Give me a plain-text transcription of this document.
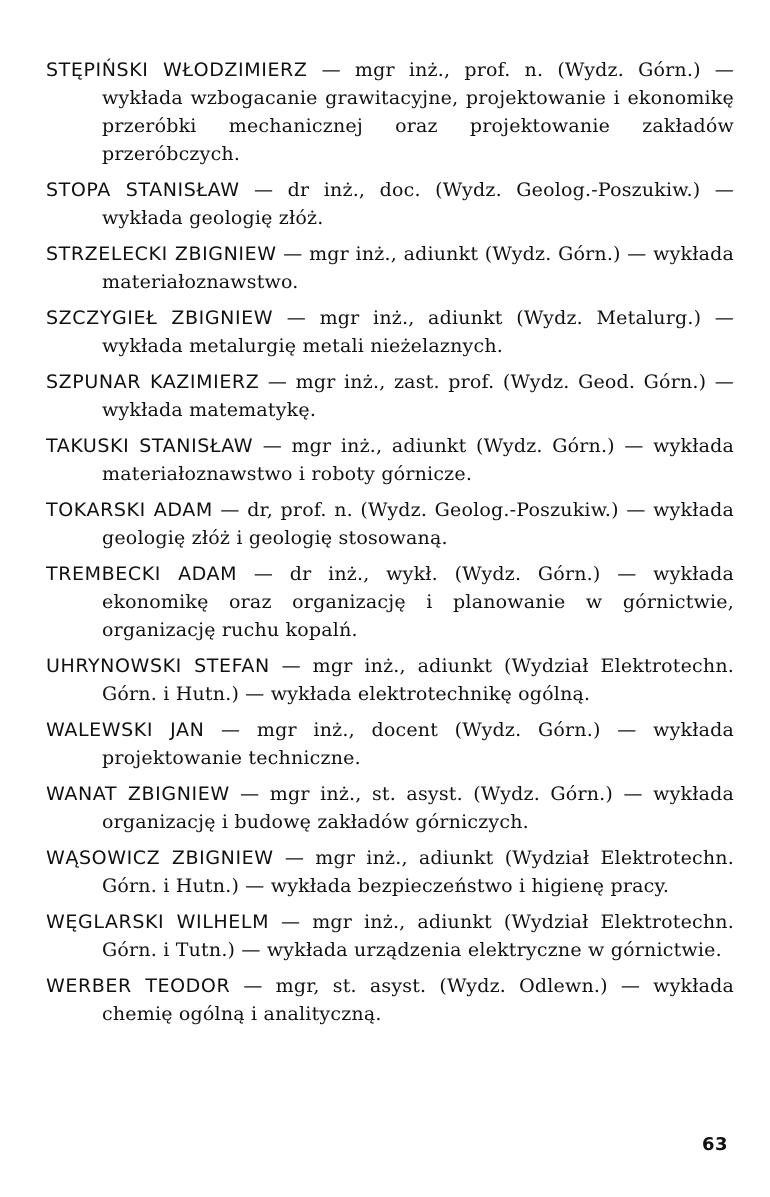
STĘPIŃSKI WŁODZIMIERZ — mgr inż., prof. n. (Wydz. Górn.) — wykłada wzbogacanie grawitacyjne, projektowanie i ekonomikę przeróbki mechanicznej oraz projektowanie zakładów przeróbczych.
STOPA STANISŁAW — dr inż., doc. (Wydz. Geolog.-Poszukiw.) — wykłada geologię złóż.
STRZELECKI ZBIGNIEW — mgr inż., adiunkt (Wydz. Górn.) — wykłada materiałoznawstwo.
SZCZYGIEŁ ZBIGNIEW — mgr inż., adiunkt (Wydz. Metalurg.) — wykłada metalurgię metali nieżelaznych.
SZPUNAR KAZIMIERZ — mgr inż., zast. prof. (Wydz. Geod. Górn.) — wykłada matematykę.
TAKUSKI STANISŁAW — mgr inż., adiunkt (Wydz. Górn.) — wykłada materiałoznawstwo i roboty górnicze.
TOKARSKI ADAM — dr, prof. n. (Wydz. Geolog.-Poszukiw.) — wykłada geologię złóż i geologię stosowaną.
TREMBECKI ADAM — dr inż., wykł. (Wydz. Górn.) — wykłada ekonomikę oraz organizację i planowanie w górnictwie, organizację ruchu kopalń.
UHRYNOWSKI STEFAN — mgr inż., adiunkt (Wydział Elektrotechn. Górn. i Hutn.) — wykłada elektrotechnikę ogólną.
WALEWSKI JAN — mgr inż., docent (Wydz. Górn.) — wykłada projektowanie techniczne.
WANAT ZBIGNIEW — mgr inż., st. asyst. (Wydz. Górn.) — wykłada organizację i budowę zakładów górniczych.
WĄSOWICZ ZBIGNIEW — mgr inż., adiunkt (Wydział Elektrotechn. Górn. i Hutn.) — wykłada bezpieczeństwo i higienę pracy.
WĘGLARSKI WILHELM — mgr inż., adiunkt (Wydział Elektrotechn. Górn. i Tutn.) — wykłada urządzenia elektryczne w górnictwie.
WERBER TEODOR — mgr, st. asyst. (Wydz. Odlewn.) — wykłada chemię ogólną i analityczną.
63
